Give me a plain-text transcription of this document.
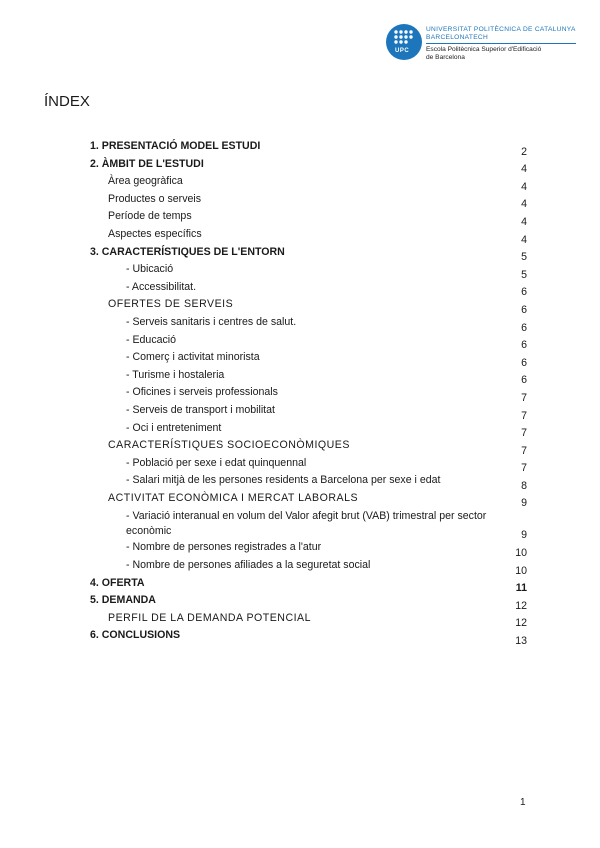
UPC
UNIVERSITAT POLITÈCNICA DE CATALUNYA
BARCELONATECH
Escola Politècnica Superior d'Edificació
de Barcelona
ÍNDEX
1. PRESENTACIÓ MODEL ESTUDI	2
2. ÀMBIT DE L'ESTUDI	4
Àrea geogràfica	4
Productes o serveis	4
Període de temps	4
Aspectes específics	4
3. CARACTERÍSTIQUES DE L'ENTORN	5
- Ubicació	5
- Accessibilitat.	6
OFERTES DE SERVEIS	6
- Serveis sanitaris i centres de salut.	6
- Educació	6
- Comerç i activitat minorista	6
- Turisme i hostaleria	6
- Oficines i serveis professionals	7
- Serveis de transport i mobilitat	7
- Oci i entreteniment	7
CARACTERÍSTIQUES SOCIOECONÒMIQUES	7
- Població per sexe i edat quinquennal	7
- Salari mitjà de les persones residents a Barcelona per sexe i edat	8
ACTIVITAT ECONÒMICA I MERCAT LABORALS	9
- Variació interanual en volum del Valor afegit brut (VAB) trimestral per sector econòmic	9
- Nombre de persones registrades a l'atur	10
- Nombre de persones afiliades a la seguretat social	10
4. OFERTA	11
5. DEMANDA	12
PERFIL DE LA DEMANDA POTENCIAL	12
6. CONCLUSIONS	13
1
